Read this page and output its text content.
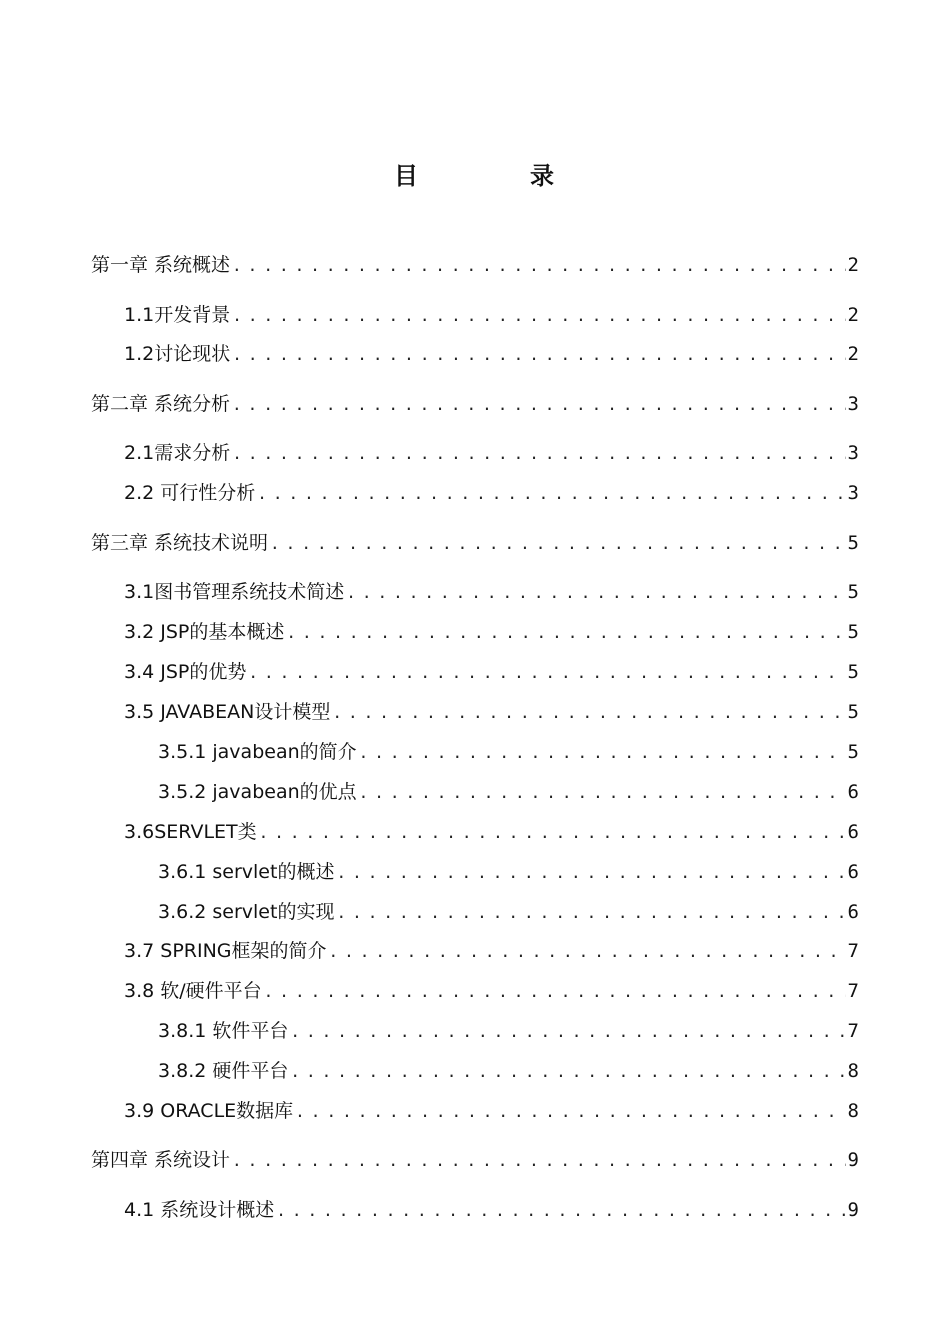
目	录
第一章 系统概述 .....	2
1.1开发背景 .....	2
1.2讨论现状 .....	2
第二章 系统分析 .....	3
2.1需求分析 .....	3
2.2 可行性分析 .....	3
第三章 系统技术说明 .....	5
3.1图书管理系统技术简述 .....	5
3.2 JSP的基本概述 .....	5
3.4 JSP的优势 .....	5
3.5 JAVABEAN设计模型 .....	5
3.5.1 javabean的简介 .....	5
3.5.2 javabean的优点 .....	6
3.6SERVLET类 .....	6
3.6.1 servlet的概述 .....	6
3.6.2 servlet的实现 .....	6
3.7 SPRING框架的简介 .....	7
3.8 软/硬件平台 .....	7
3.8.1 软件平台 .....	7
3.8.2 硬件平台 .....	8
3.9 ORACLE数据库 .....	8
第四章 系统设计 .....	9
4.1 系统设计概述 .....	9
